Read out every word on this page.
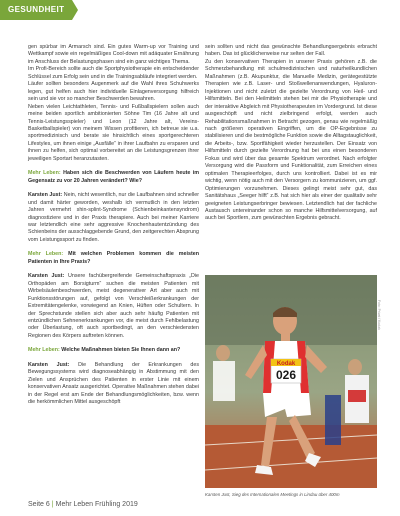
GESUNDHEIT

gen spürbar im Armarsch sind. Ein gutes Warm-up vor Training und Wettkampf sowie ein regelmäßiges Cool-down mit adäquater Ernährung im Anschluss der Belastungsphasen sind ein ganz wichtiges Thema.

Im Profi-Bereich sollte auch die Sportphysiotherapie ein entscheidender Schlüssel zum Erfolg sein und in die Trainingsabläufe integriert werden.

Läufer sollten besonders Augenmerk auf die Wahl ihres Schuhwerks legen, gut helfen auch hier individuelle Einlagenversorgung hilfreich sein und sie vor so mancher Beschwerden bewahren.

Neben vielen Leichtathleten, Tennis- und Fußballspielern sollen auch meine beiden sportlich ambitionierten Söhne Tim (16 Jahre alt und Tennis-Leistungsspieler) und Leon (12 Jahre alt, Vereins-Basketballspieler) von meinem Wissen profitieren, ich betreue sie u.a. sportmedizinisch und berate sie hinsichtlich eines sportgerechteren Lifestyles, um ihnen einige „Ausfälle“ in ihrer Laufbahn zu ersparen und ihnen zu helfen, sich optimal vorbereitet an die Leistungsgrenzen ihrer jeweiligen Sportart heranzutasten.

Mehr Leben: Haben sich die Beschwerden von Läufern heute im Gegensatz zu vor 20 Jahren verändert? Wie?

Karsten Just: Nein, nicht wesentlich, nur die Laufbahnen sind schneller und damit härter geworden, weshalb ich vermutlich in den letzten Jahren vermehrt shin-splint-Syndrome (Schienbeinkantensyndrom) diagnostiziere und in der Praxis therapiere. Auch bei meiner Karriere war letztendlich eine sehr aggressive Knochenhautentzündung des Schienbeins der ausschlaggebende Grund, den zeitgerechten Absprung vom Leistungssport zu finden.

Mehr Leben: Mit welchen Problemen kommen die meisten Patienten in Ihre Praxis?

Karsten Just: Unsere fachübergreifende Gemeinschaftspraxis „Die Orthopäden am Borsigturm“ suchen die meisten Patienten mit Wirbelsäulenbeschwerden, meist degenerativer Art aber auch mit Funktionsstörungen auf, gefolgt von Verschleißerkrankungen der Extremitätengelenke, vorwiegend an Knien, Hüften oder Schultern. In der Sprechstunde stellen sich aber auch sehr häufig Patienten mit entzündlichen Sehnenerkrankungen vor, die meist durch Fehlbelastung oder Überlastung, oft auch sportbedingt, an den verschiedensten Regionen des Körpers auftreten können.

Mehr Leben: Welche Maßnahmen bieten Sie Ihnen dann an?

Karsten Just: Die Behandlung der Erkrankungen des Bewegungssystems wird diagnoseabhängig in Abstimmung mit den Zielen und Ansprüchen des Patienten in erster Linie mit einem konservativen Ansatz ausgerichtet. Operative Maßnahmen stehen dabei in der Regel erst am Ende der Behandlungsmöglichkeiten, bzw. wenn die herkömmlichen Mittel ausgeschöpft

sein sollten und nicht das gewünschte Behandlungsergebnis erbracht haben. Das ist glücklicherweise nur selten der Fall.

Zu den konservativen Therapien in unserer Praxis gehören z.B. die Schmerzbehandlung mit schulmedizinischen und naturheilkundlichen Maßnahmen (z.B. Akupunktur, die Manuelle Medizin, gerätegestützte Therapien wie z.B. Laser- und Stoßwellenanwendungen, Hyaluron-Injektionen und nicht zuletzt die gezielte Verordnung von Heil- und Hilfsmitteln. Bei den Heilmitteln stehen bei mir die Physiotherapie und der interaktive Abgleich mit Physiotherapeuten im Vordergrund. Ist diese ausgeschöpft und nicht zielbringend erfolgt, werden auch Rehabilitationsmaßnahmen in Betracht gezogen, genau wie regelmäßig nach größeren operativen Eingriffen, um die OP-Ergebnisse zu stabilisieren und die bestmögliche Funktion sowie die Alltagstauglichkeit, die Arbeits-, bzw. Sportfähigkeit wieder herzustellen. Der Einsatz von Hilfsmitteln durch gezielte Verordnung hat bei uns einen besonderen Fokus und wird über das gesamte Spektrum verordnet. Nach erfolgter Versorgung wird die Passform und Funktionalität, zum Erreichen eines optimalen Therapieerfolges, durch uns kontrolliert. Dabei ist es mir wichtig, wenn nötig auch mit den Versorgern zu kommunizieren, um ggf. Optimierungen vorzunehmen. Dieses gelingt meist sehr gut, das Sanitätshaus „Seeger hilft“ z.B. hat sich hier als einer der qualitativ sehr geeigneten Leistungserbringer bewiesen. Letztendlich hat der fachliche Austausch untereinander schon so manche Hilfsmittelversorgung, auf auch bei Sportlern, zum gewünschten Ergebnis gebracht.

Kodak
026
Foto: Privat / Kodak
Karsten Just, Sieg des Internationalen Meetings in Lindau über 400m
Seite 6 | Mehr Leben Frühling 2019
